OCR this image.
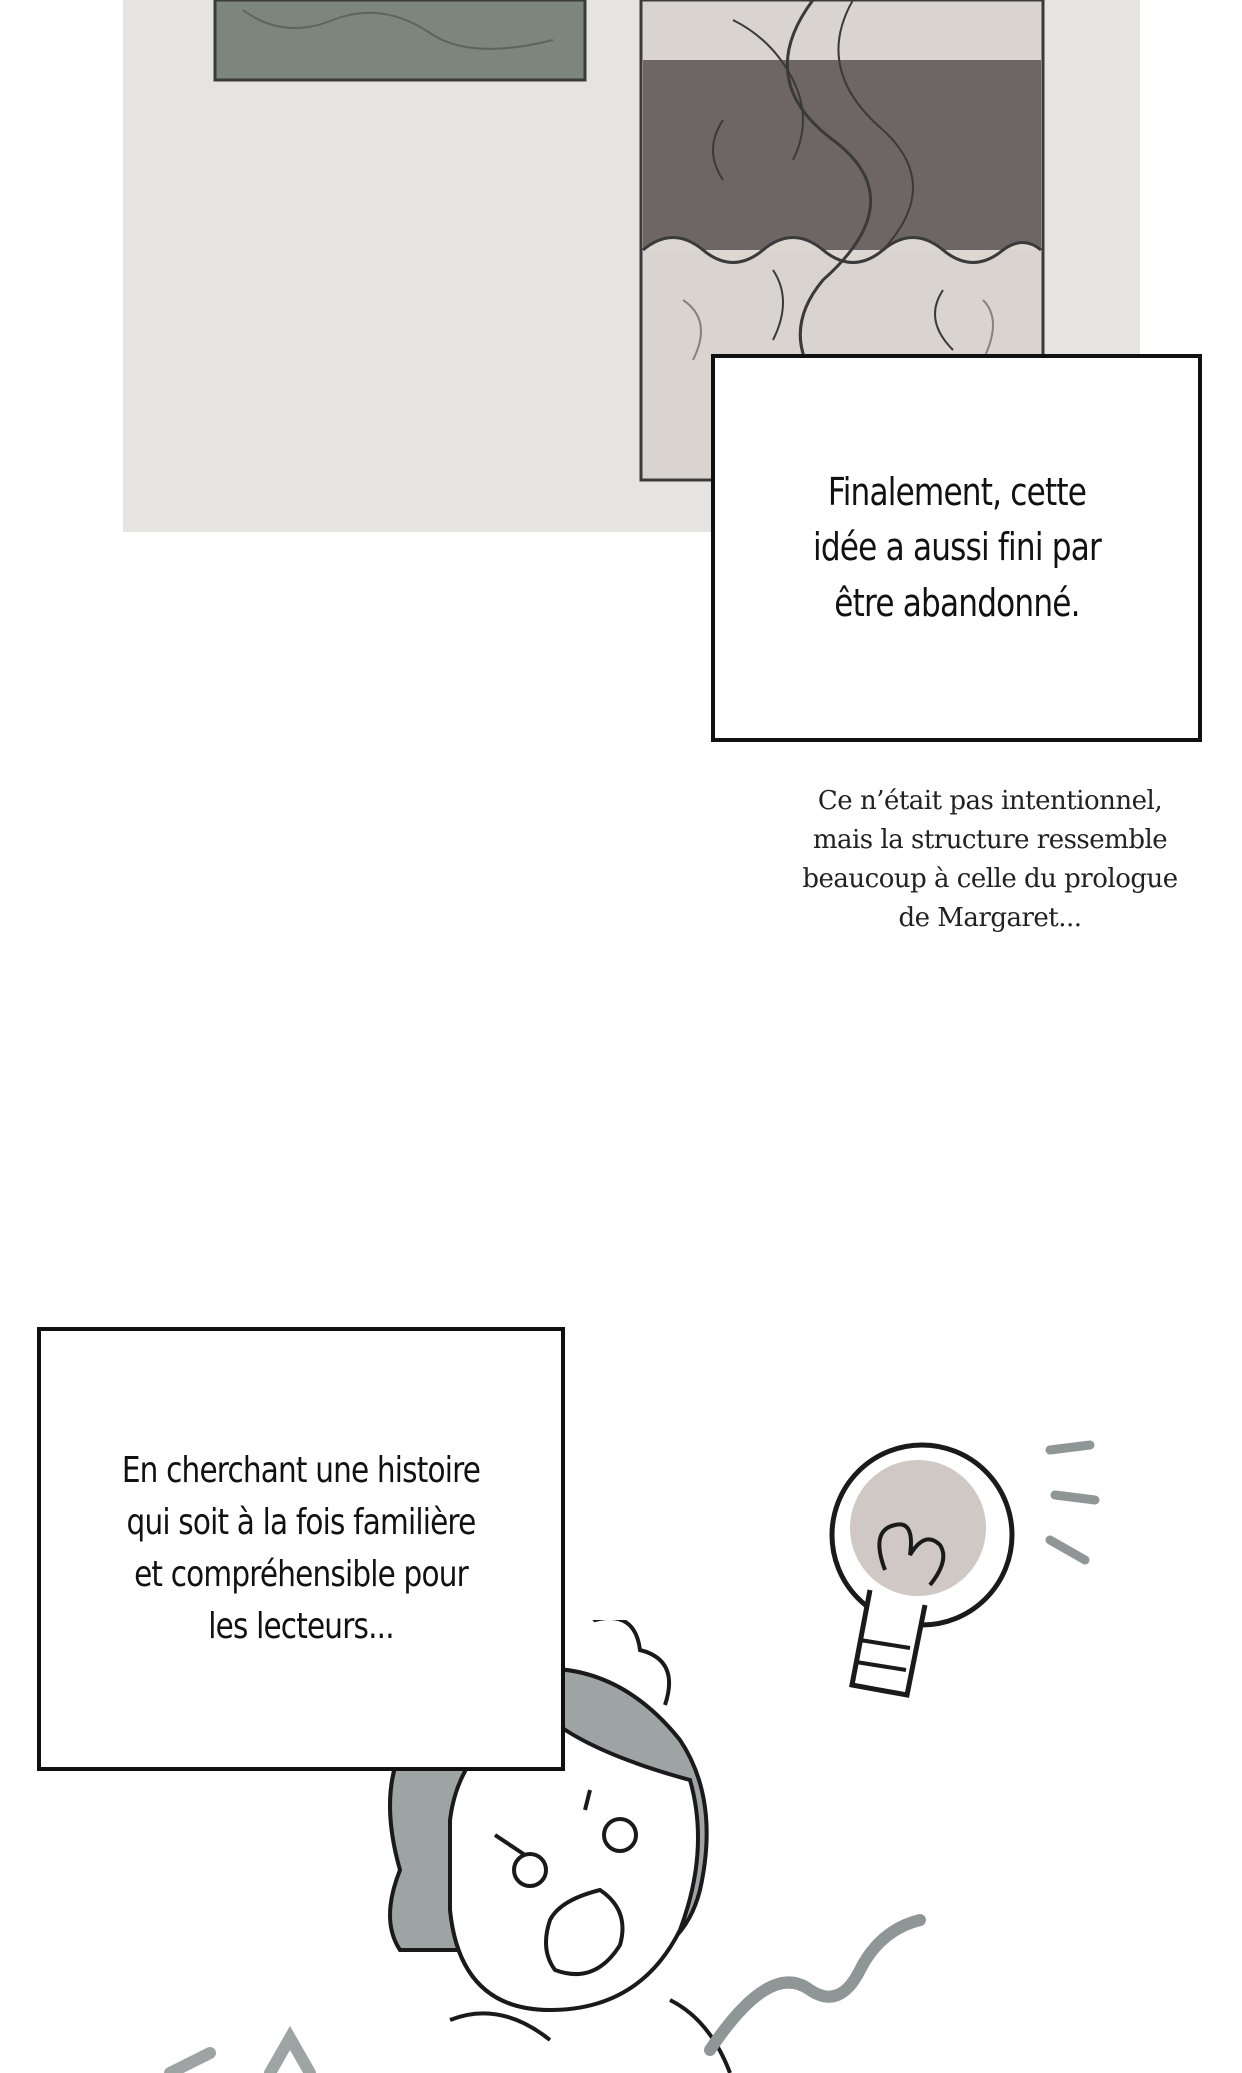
Finalement, cette
idée a aussi fini par
être abandonné.
Ce n’était pas intentionnel,
mais la structure ressemble
beaucoup à celle du prologue
de Margaret...
En cherchant une histoire
qui soit à la fois familière
et compréhensible pour
les lecteurs...
